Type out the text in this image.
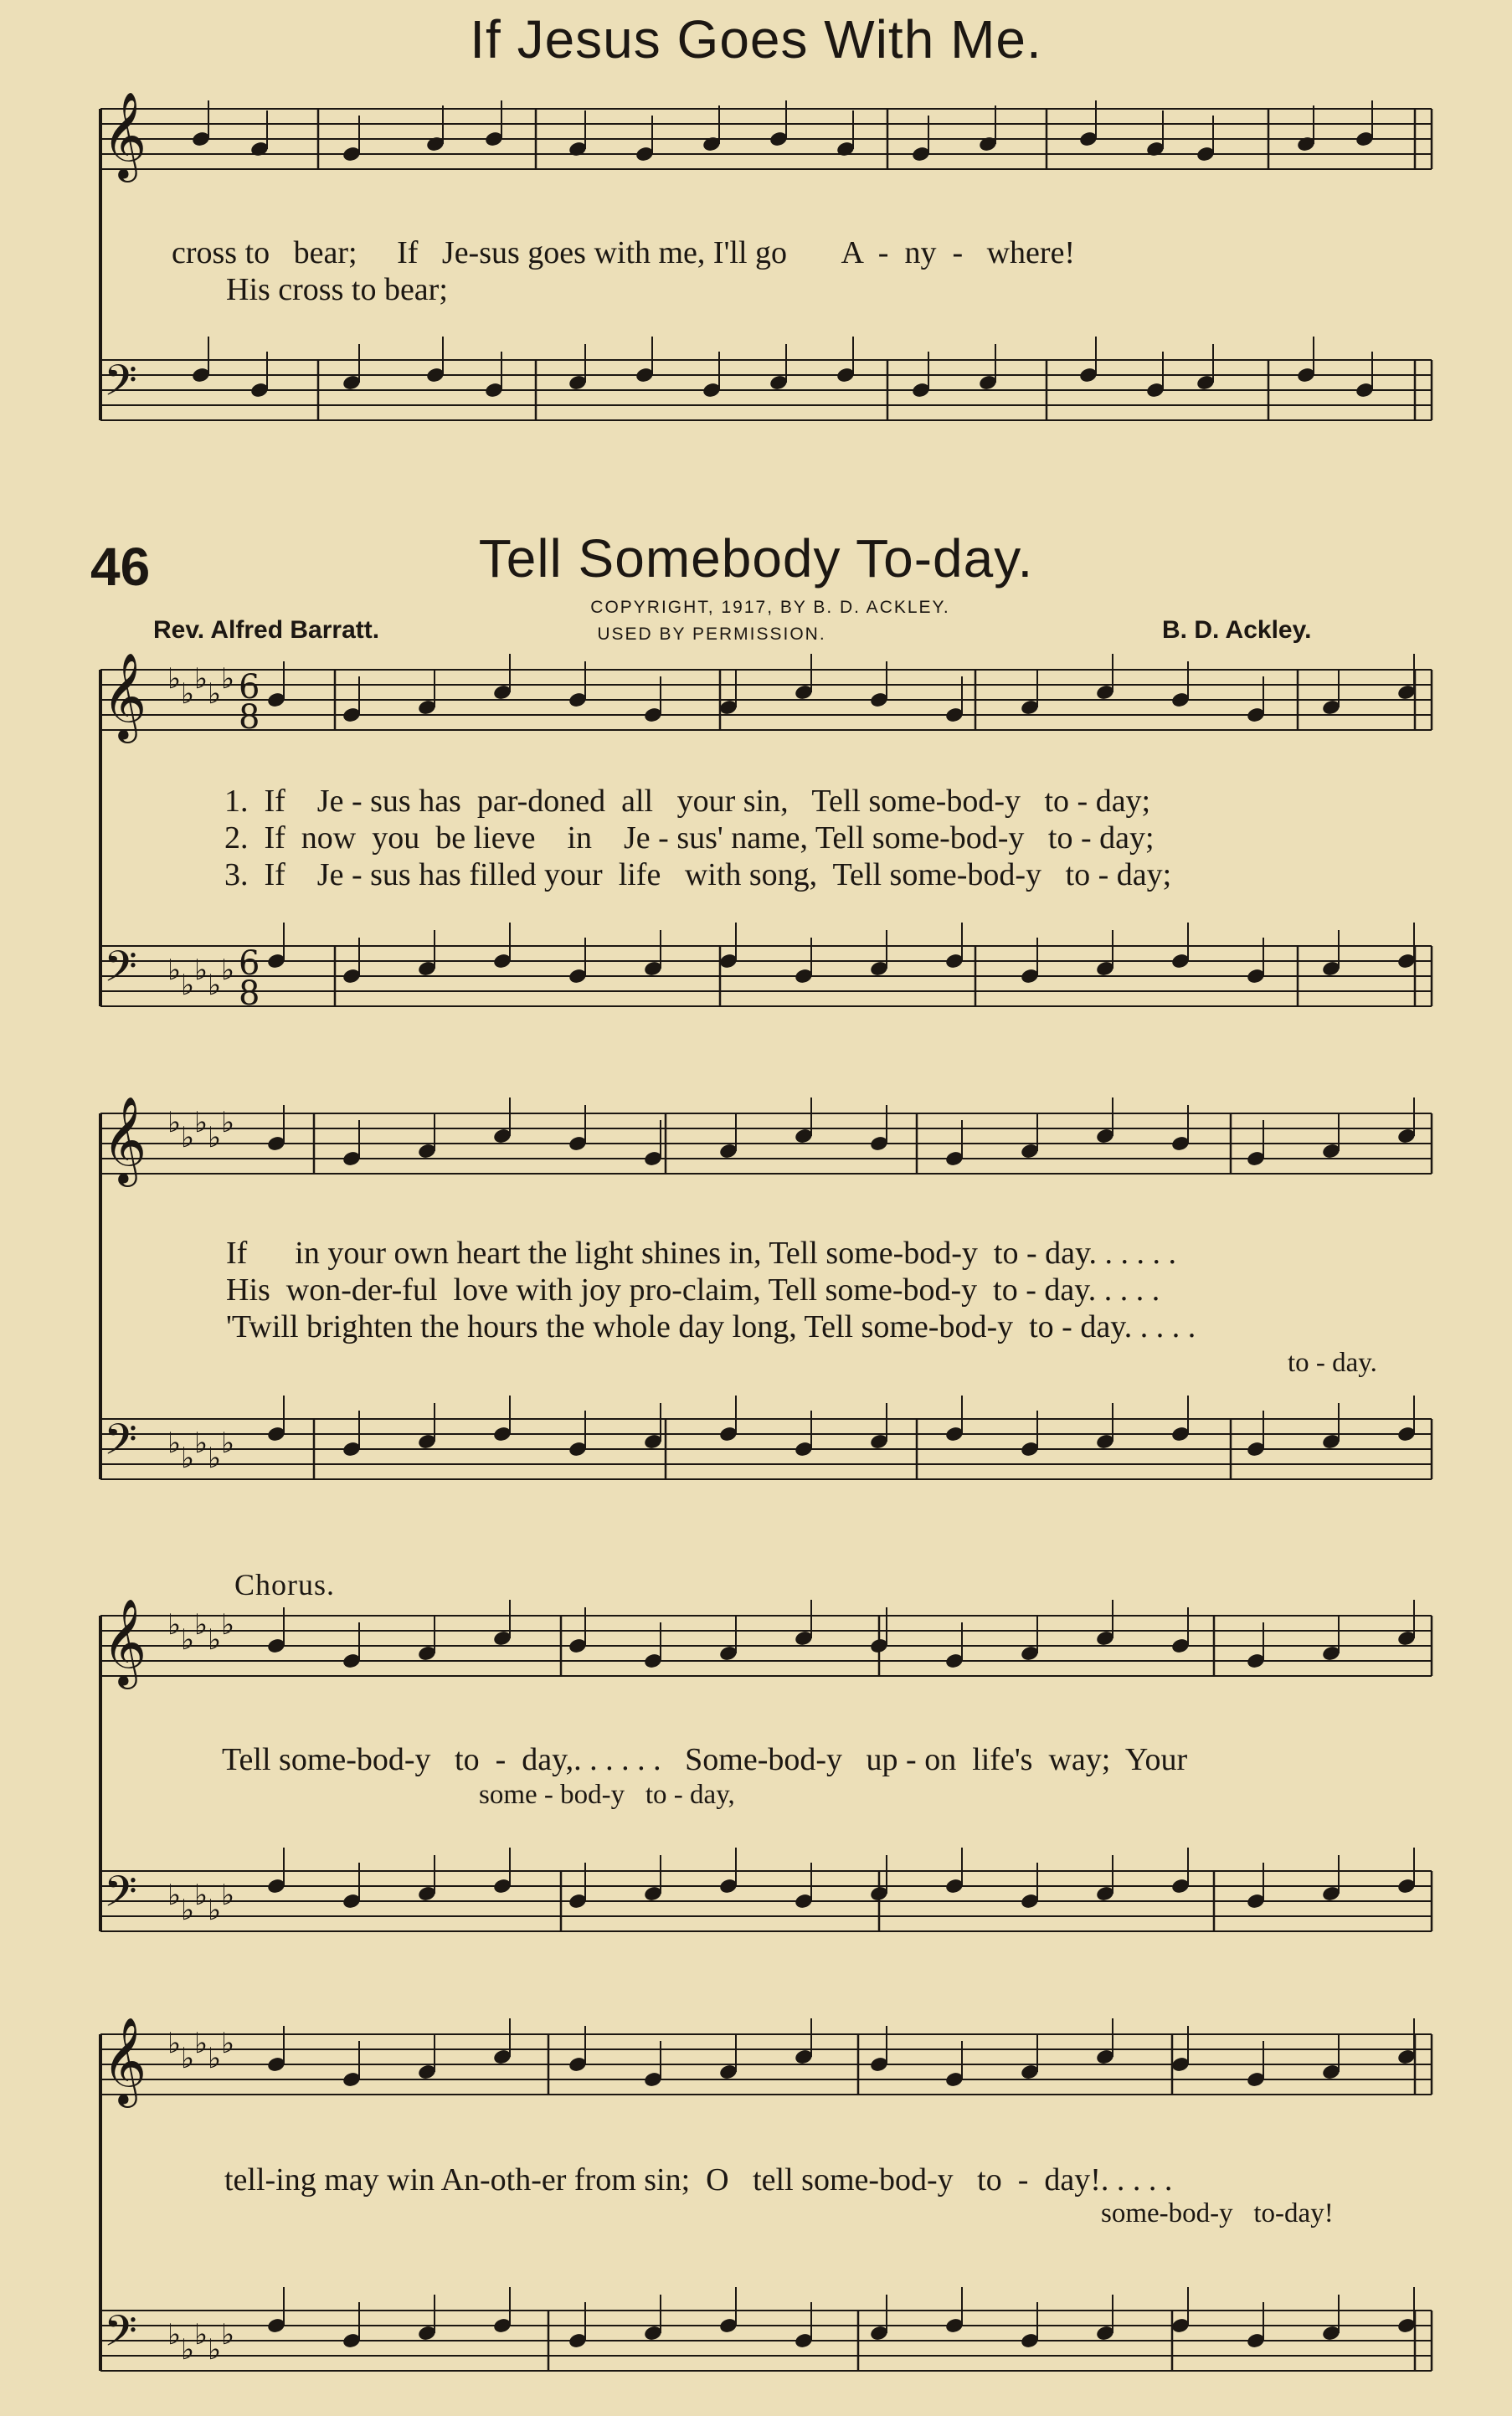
If Jesus Goes With Me.
𝄞
𝄢
cross to   bear;     If   Je-sus goes with me, I'll go       A  -  ny  -   where!
His cross to bear;
46	Tell Somebody To-day.
COPYRIGHT, 1917, BY B. D. ACKLEY.
USED BY PERMISSION.
Rev. Alfred Barratt.	B. D. Ackley.
𝄞
𝄢
♭ ♭ ♭ ♭ ♭
♭ ♭ ♭ ♭ ♭
𝄞
𝄢
♭ ♭ ♭ ♭ ♭
♭ ♭ ♭ ♭ ♭
𝄞
𝄢
♭ ♭ ♭ ♭ ♭
♭ ♭ ♭ ♭ ♭
𝄞
𝄢
♭ ♭ ♭ ♭ ♭
♭ ♭ ♭ ♭ ♭
6
8
6
8
1.  If    Je - sus has  par-doned  all   your sin,   Tell some-bod-y   to - day;
2.  If  now  you  be lieve    in    Je - sus' name, Tell some-bod-y   to - day;
3.  If    Je - sus has filled your  life   with song,  Tell some-bod-y   to - day;
If      in your own heart the light shines in, Tell some-bod-y  to - day. . . . . .
His  won-der-ful  love with joy pro-claim, Tell some-bod-y  to - day. . . . .
'Twill brighten the hours the whole day long, Tell some-bod-y  to - day. . . . .
to - day.
Chorus.
Tell some-bod-y   to  -  day,. . . . . .   Some-bod-y   up - on  life's  way;  Your
some - bod-y   to - day,
tell-ing may win An-oth-er from sin;  O   tell some-bod-y   to  -  day!. . . . .
some-bod-y   to-day!
